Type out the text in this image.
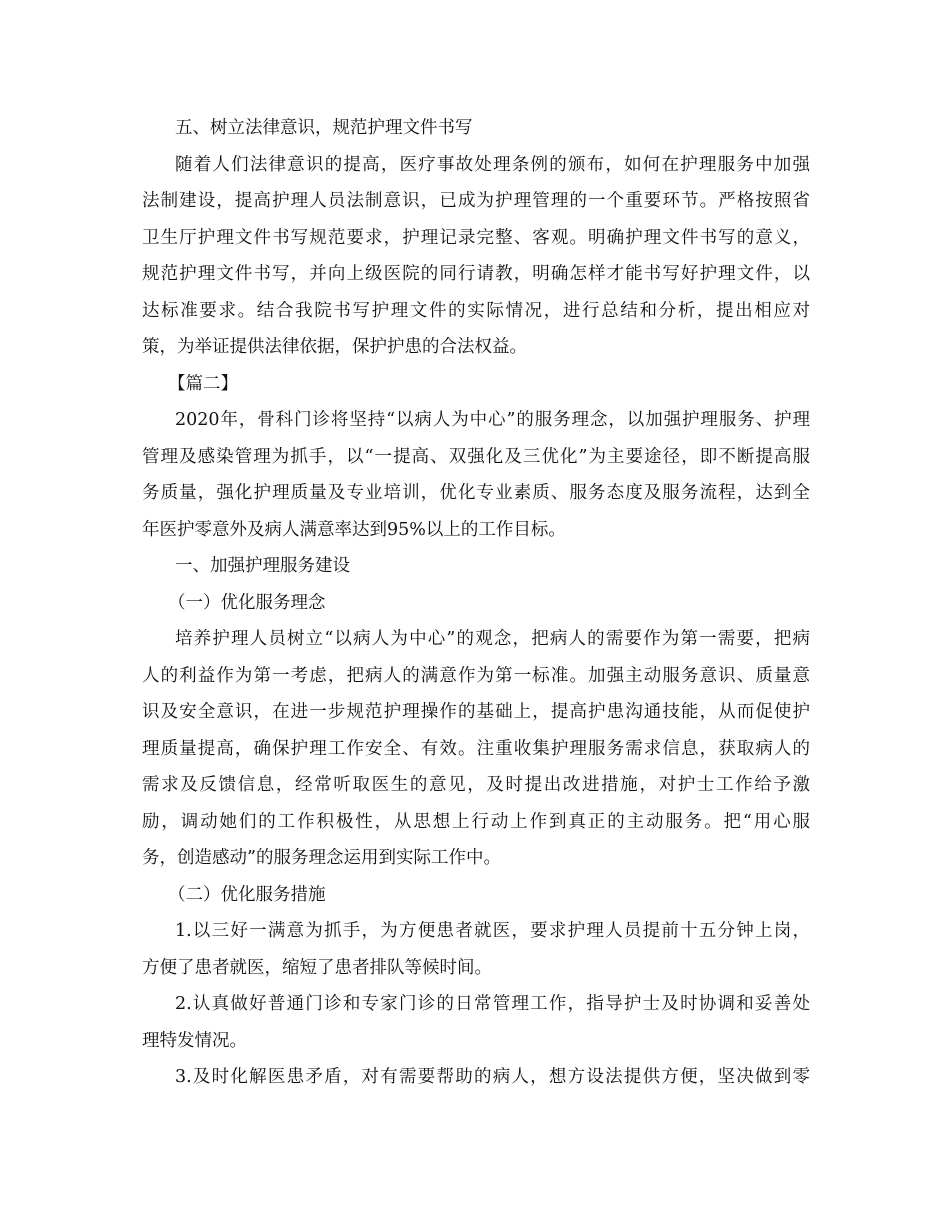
五、树立法律意识，规范护理文件书写
随着人们法律意识的提高，医疗事故处理条例的颁布，如何在护理服务中加强
法制建设，提高护理人员法制意识，已成为护理管理的一个重要环节。严格按照省
卫生厅护理文件书写规范要求，护理记录完整、客观。明确护理文件书写的意义，
规范护理文件书写，并向上级医院的同行请教，明确怎样才能书写好护理文件，以
达标准要求。结合我院书写护理文件的实际情况，进行总结和分析，提出相应对
策，为举证提供法律依据，保护护患的合法权益。
【篇二】
2020年，骨科门诊将坚持“以病人为中心”的服务理念，以加强护理服务、护理
管理及感染管理为抓手，以“一提高、双强化及三优化”为主要途径，即不断提高服
务质量，强化护理质量及专业培训，优化专业素质、服务态度及服务流程，达到全
年医护零意外及病人满意率达到95%以上的工作目标。
一、加强护理服务建设
（一）优化服务理念
培养护理人员树立“以病人为中心”的观念，把病人的需要作为第一需要，把病
人的利益作为第一考虑，把病人的满意作为第一标准。加强主动服务意识、质量意
识及安全意识，在进一步规范护理操作的基础上，提高护患沟通技能，从而促使护
理质量提高，确保护理工作安全、有效。注重收集护理服务需求信息，获取病人的
需求及反馈信息，经常听取医生的意见，及时提出改进措施，对护士工作给予激
励，调动她们的工作积极性，从思想上行动上作到真正的主动服务。把“用心服
务，创造感动”的服务理念运用到实际工作中。
（二）优化服务措施
1.以三好一满意为抓手，为方便患者就医，要求护理人员提前十五分钟上岗，
方便了患者就医，缩短了患者排队等候时间。
2.认真做好普通门诊和专家门诊的日常管理工作，指导护士及时协调和妥善处
理特发情况。
3.及时化解医患矛盾，对有需要帮助的病人，想方设法提供方便，坚决做到零
